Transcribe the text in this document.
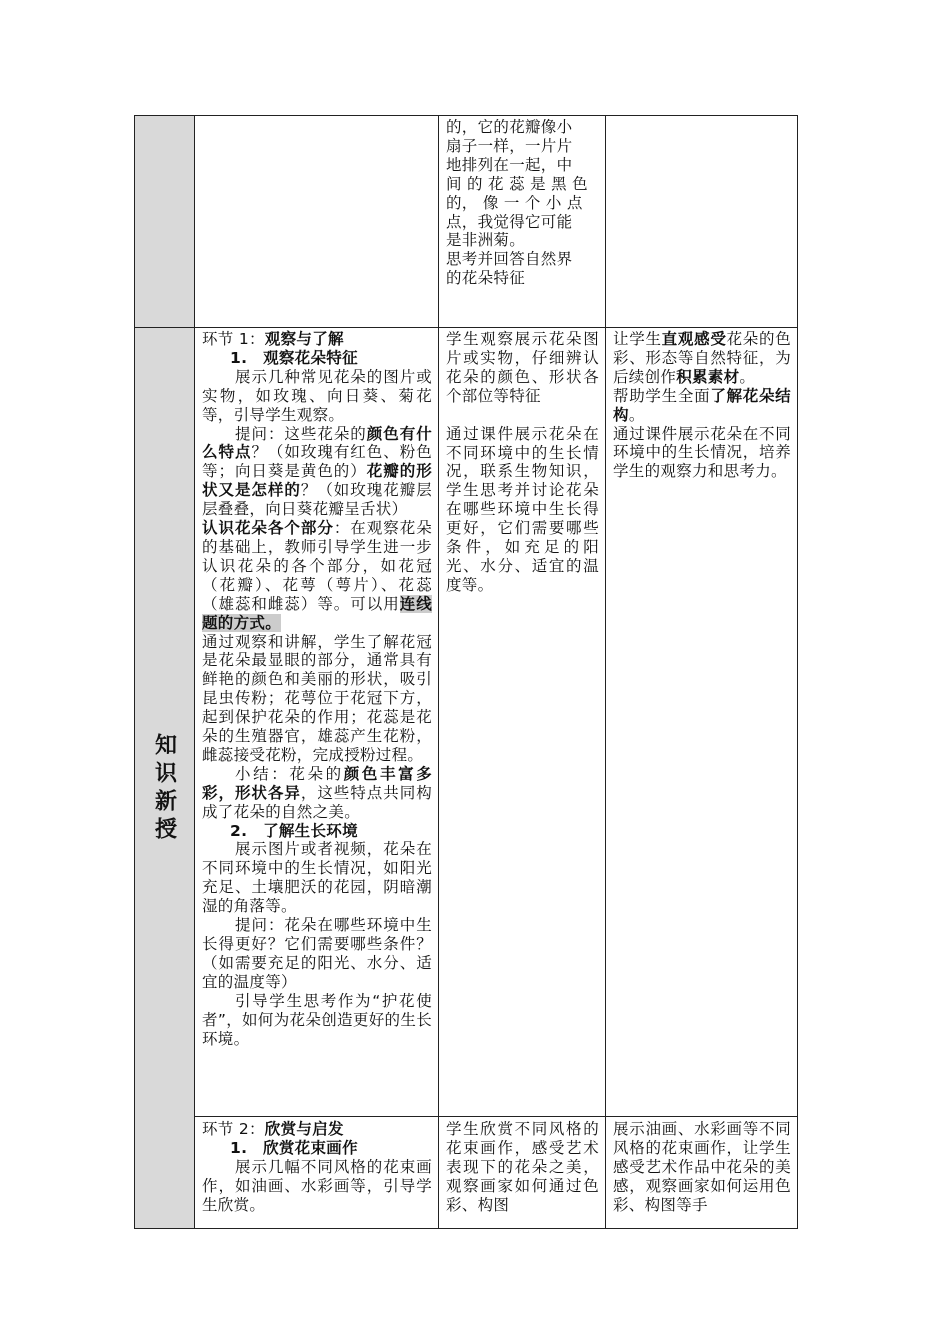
知识新授

的，它的花瓣像小

扇子一样，一片片

地排列在一起，中

间 的 花 蕊 是 黑 色

的， 像 一 个 小 点

点，我觉得它可能

是非洲菊。

思考并回答自然界

的花朵特征

环节 1：观察与了解

1.　观察花朵特征

展示几种常见花朵的图片或实物，如玫瑰、向日葵、菊花等，引导学生观察。

提问：这些花朵的颜色有什么特点？（如玫瑰有红色、粉色等；向日葵是黄色的）花瓣的形状又是怎样的？（如玫瑰花瓣层层叠叠，向日葵花瓣呈舌状）

认识花朵各个部分：在观察花朵的基础上，教师引导学生进一步认识花朵的各个部分，如花冠（花瓣）、花萼（萼片）、花蕊（雄蕊和雌蕊）等。可以用连线题的方式。

通过观察和讲解，学生了解花冠是花朵最显眼的部分，通常具有鲜艳的颜色和美丽的形状，吸引昆虫传粉；花萼位于花冠下方，起到保护花朵的作用；花蕊是花朵的生殖器官，雄蕊产生花粉，雌蕊接受花粉，完成授粉过程。

小结：花朵的颜色丰富多彩，形状各异，这些特点共同构成了花朵的自然之美。

2.　了解生长环境

展示图片或者视频，花朵在不同环境中的生长情况，如阳光充足、土壤肥沃的花园，阴暗潮湿的角落等。

提问：花朵在哪些环境中生长得更好？它们需要哪些条件？（如需要充足的阳光、水分、适宜的温度等）

引导学生思考作为“护花使者”，如何为花朵创造更好的生长环境。

学生观察展示花朵图片或实物，仔细辨认花朵的颜色、形状各个部位等特征

通过课件展示花朵在不同环境中的生长情况，联系生物知识，学生思考并讨论花朵在哪些环境中生长得更好，它们需要哪些条件，如充足的阳光、水分、适宜的温度等。

让学生直观感受花朵的色彩、形态等自然特征，为后续创作积累素材。

帮助学生全面了解花朵结构。

通过课件展示花朵在不同环境中的生长情况，培养学生的观察力和思考力。

环节 2：欣赏与启发

1.　欣赏花束画作

展示几幅不同风格的花束画作，如油画、水彩画等，引导学生欣赏。

学生欣赏不同风格的花束画作，感受艺术表现下的花朵之美，观察画家如何通过色彩、构图

展示油画、水彩画等不同风格的花束画作，让学生感受艺术作品中花朵的美感，观察画家如何运用色彩、构图等手
